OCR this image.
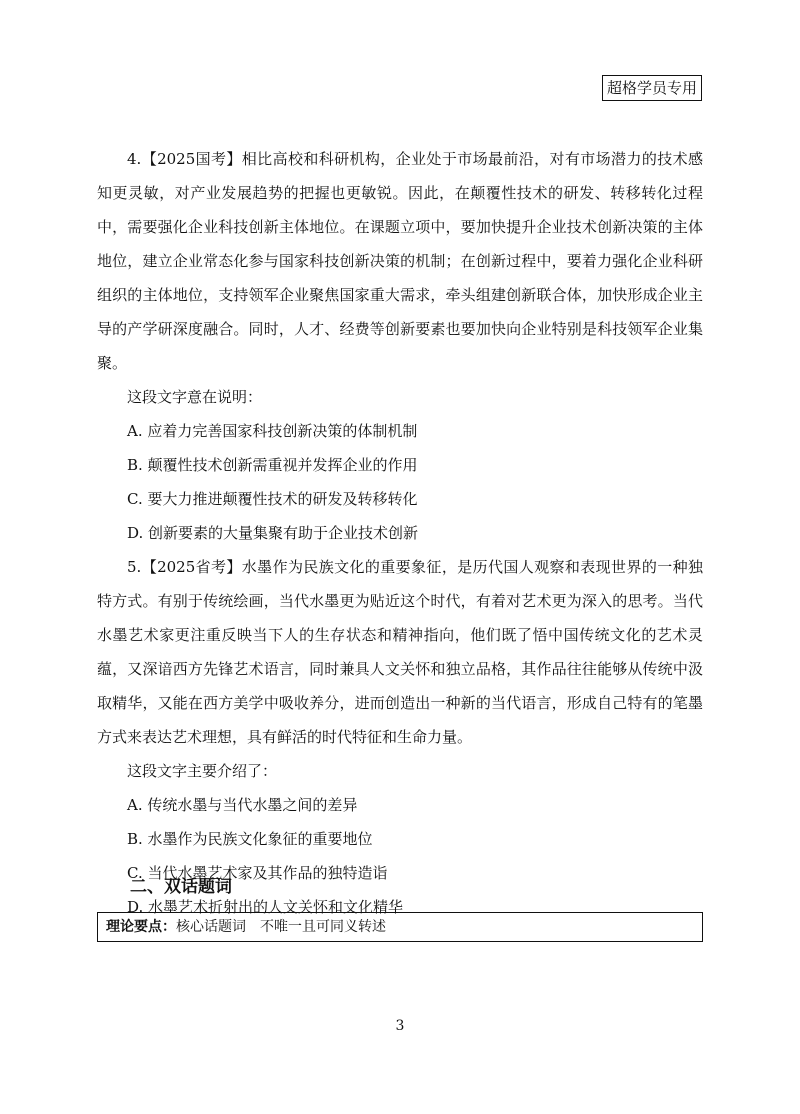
超格学员专用

4.【2025国考】相比高校和科研机构，企业处于市场最前沿，对有市场潜力的技术感知更灵敏，对产业发展趋势的把握也更敏锐。因此，在颠覆性技术的研发、转移转化过程中，需要强化企业科技创新主体地位。在课题立项中，要加快提升企业技术创新决策的主体地位，建立企业常态化参与国家科技创新决策的机制；在创新过程中，要着力强化企业科研组织的主体地位，支持领军企业聚焦国家重大需求，牵头组建创新联合体，加快形成企业主导的产学研深度融合。同时，人才、经费等创新要素也要加快向企业特别是科技领军企业集聚。

这段文字意在说明：

A. 应着力完善国家科技创新决策的体制机制

B. 颠覆性技术创新需重视并发挥企业的作用

C. 要大力推进颠覆性技术的研发及转移转化

D. 创新要素的大量集聚有助于企业技术创新

5.【2025省考】水墨作为民族文化的重要象征，是历代国人观察和表现世界的一种独特方式。有别于传统绘画，当代水墨更为贴近这个时代，有着对艺术更为深入的思考。当代水墨艺术家更注重反映当下人的生存状态和精神指向，他们既了悟中国传统文化的艺术灵蕴，又深谙西方先锋艺术语言，同时兼具人文关怀和独立品格，其作品往往能够从传统中汲取精华，又能在西方美学中吸收养分，进而创造出一种新的当代语言，形成自己特有的笔墨方式来表达艺术理想，具有鲜活的时代特征和生命力量。

这段文字主要介绍了：

A. 传统水墨与当代水墨之间的差异

B. 水墨作为民族文化象征的重要地位

C. 当代水墨艺术家及其作品的独特造诣

D. 水墨艺术折射出的人文关怀和文化精华

二、双话题词
理论要点：核心话题词　不唯一且可同义转述
3
